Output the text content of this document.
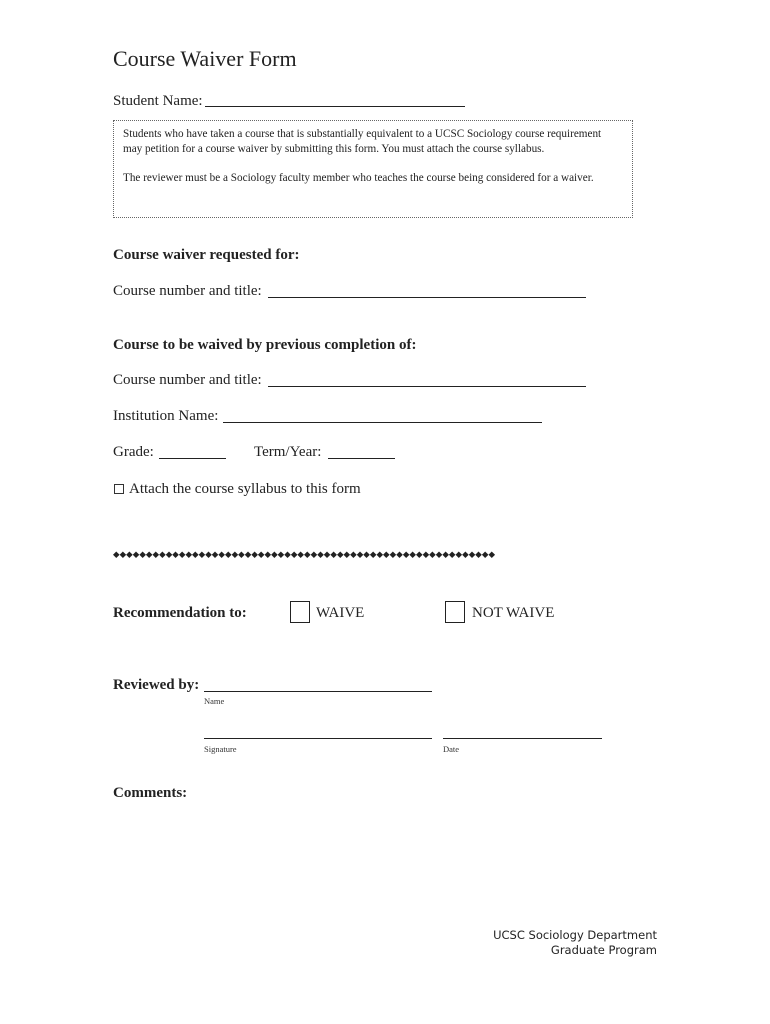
Course Waiver Form
Student Name:

Students who have taken a course that is substantially equivalent to a UCSC Sociology course requirement may petition for a course waiver by submitting this form. You must attach the course syllabus.

The reviewer must be a Sociology faculty member who teaches the course being considered for a waiver.

Course waiver requested for:
Course number and title:
Course to be waived by previous completion of:
Course number and title:
Institution Name:
Grade:	Term/Year:
Attach the course syllabus to this form
◆◆◆◆◆◆◆◆◆◆◆◆◆◆◆◆◆◆◆◆◆◆◆◆◆◆◆◆◆◆◆◆◆◆◆◆◆◆◆◆◆◆◆◆◆◆◆◆◆◆◆◆◆◆◆◆◆◆
Recommendation to:	WAIVE	NOT WAIVE
Reviewed by:
Name
Signature	Date
Comments:
UCSC Sociology Department
Graduate Program
